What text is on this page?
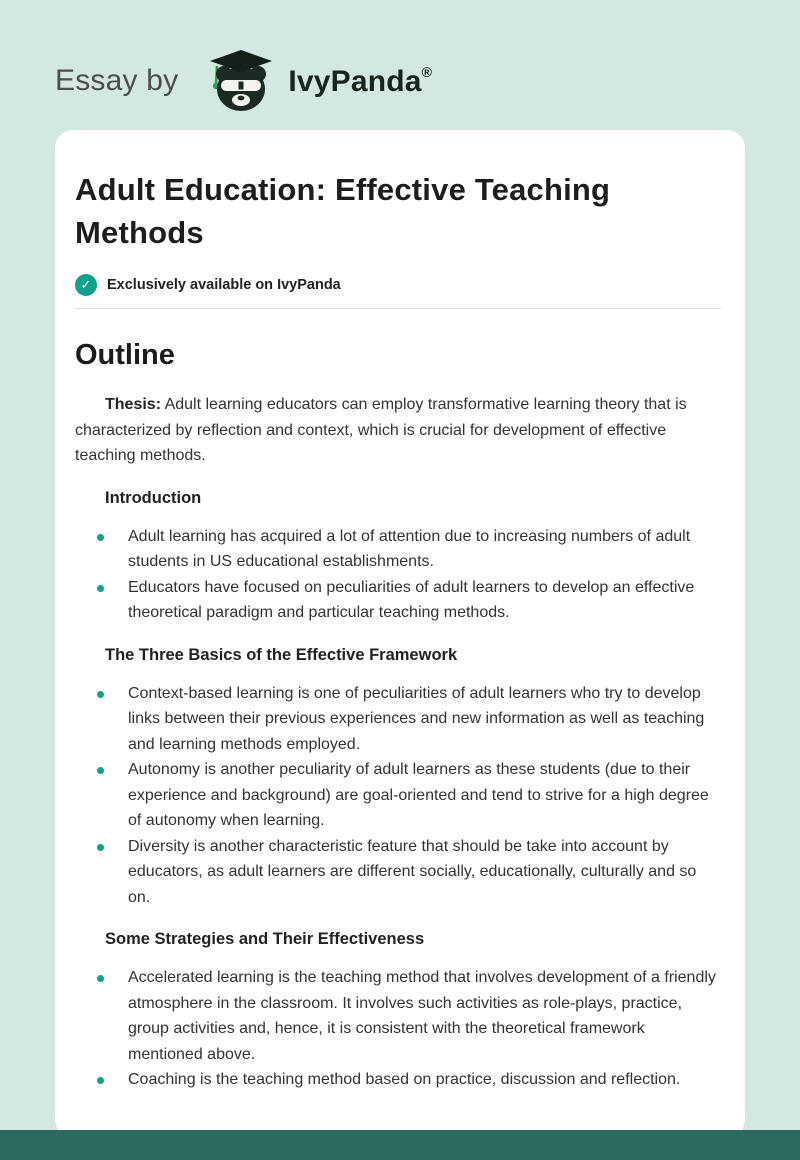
Essay by	IvyPanda®
Adult Education: Effective Teaching Methods
✓	Exclusively available on IvyPanda
Outline

Thesis: Adult learning educators can employ transformative learning theory that is characterized by reflection and context, which is crucial for development of effective teaching methods.

Introduction
Adult learning has acquired a lot of attention due to increasing numbers of adult students in US educational establishments.
Educators have focused on peculiarities of adult learners to develop an effective theoretical paradigm and particular teaching methods.
The Three Basics of the Effective Framework
Context-based learning is one of peculiarities of adult learners who try to develop links between their previous experiences and new information as well as teaching and learning methods employed.
Autonomy is another peculiarity of adult learners as these students (due to their experience and background) are goal-oriented and tend to strive for a high degree of autonomy when learning.
Diversity is another characteristic feature that should be take into account by educators, as adult learners are different socially, educationally, culturally and so on.
Some Strategies and Their Effectiveness
Accelerated learning is the teaching method that involves development of a friendly atmosphere in the classroom. It involves such activities as role-plays, practice, group activities and, hence, it is consistent with the theoretical framework mentioned above.
Coaching is the teaching method based on practice, discussion and reflection.
